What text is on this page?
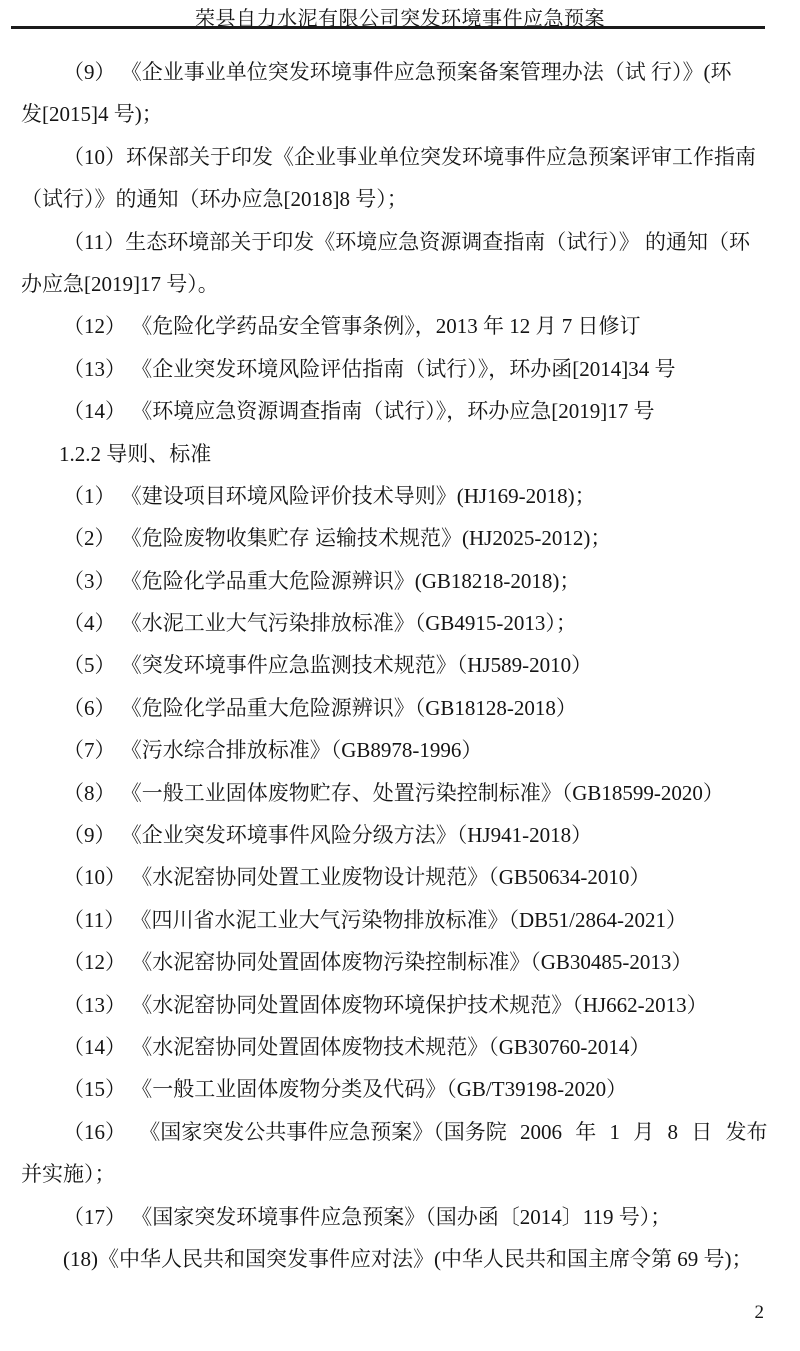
荣县自力水泥有限公司突发环境事件应急预案
（9） 《企业事业单位突发环境事件应急预案备案管理办法（试 行）》(环
发[2015]4 号)；
（10）环保部关于印发《企业事业单位突发环境事件应急预案评审工作指南
（试行）》的通知（环办应急[2018]8 号）；
（11）生态环境部关于印发《环境应急资源调查指南（试行）》 的通知（环
办应急[2019]17 号）。
（12） 《危险化学药品安全管事条例》，2013 年 12 月 7 日修订
（13） 《企业突发环境风险评估指南（试行）》，环办函[2014]34 号
（14） 《环境应急资源调查指南（试行）》，环办应急[2019]17 号
1.2.2 导则、标准
（1） 《建设项目环境风险评价技术导则》(HJ169-2018)；
（2） 《危险废物收集贮存 运输技术规范》(HJ2025-2012)；
（3） 《危险化学品重大危险源辨识》(GB18218-2018)；
（4） 《水泥工业大气污染排放标准》（GB4915-2013）；
（5） 《突发环境事件应急监测技术规范》（HJ589-2010）
（6） 《危险化学品重大危险源辨识》（GB18128-2018）
（7） 《污水综合排放标准》（GB8978-1996）
（8） 《一般工业固体废物贮存、处置污染控制标准》（GB18599-2020）
（9） 《企业突发环境事件风险分级方法》（HJ941-2018）
（10） 《水泥窑协同处置工业废物设计规范》（GB50634-2010）
（11） 《四川省水泥工业大气污染物排放标准》（DB51/2864-2021）
（12） 《水泥窑协同处置固体废物污染控制标准》（GB30485-2013）
（13） 《水泥窑协同处置固体废物环境保护技术规范》（HJ662-2013）
（14） 《水泥窑协同处置固体废物技术规范》（GB30760-2014）
（15） 《一般工业固体废物分类及代码》（GB/T39198-2020）
（16） 《国家突发公共事件应急预案》（国务院 2006 年 1 月 8 日 发布
并实施）；
（17） 《国家突发环境事件应急预案》（国办函〔2014〕119 号）；
(18)《中华人民共和国突发事件应对法》(中华人民共和国主席令第 69 号)；
2
